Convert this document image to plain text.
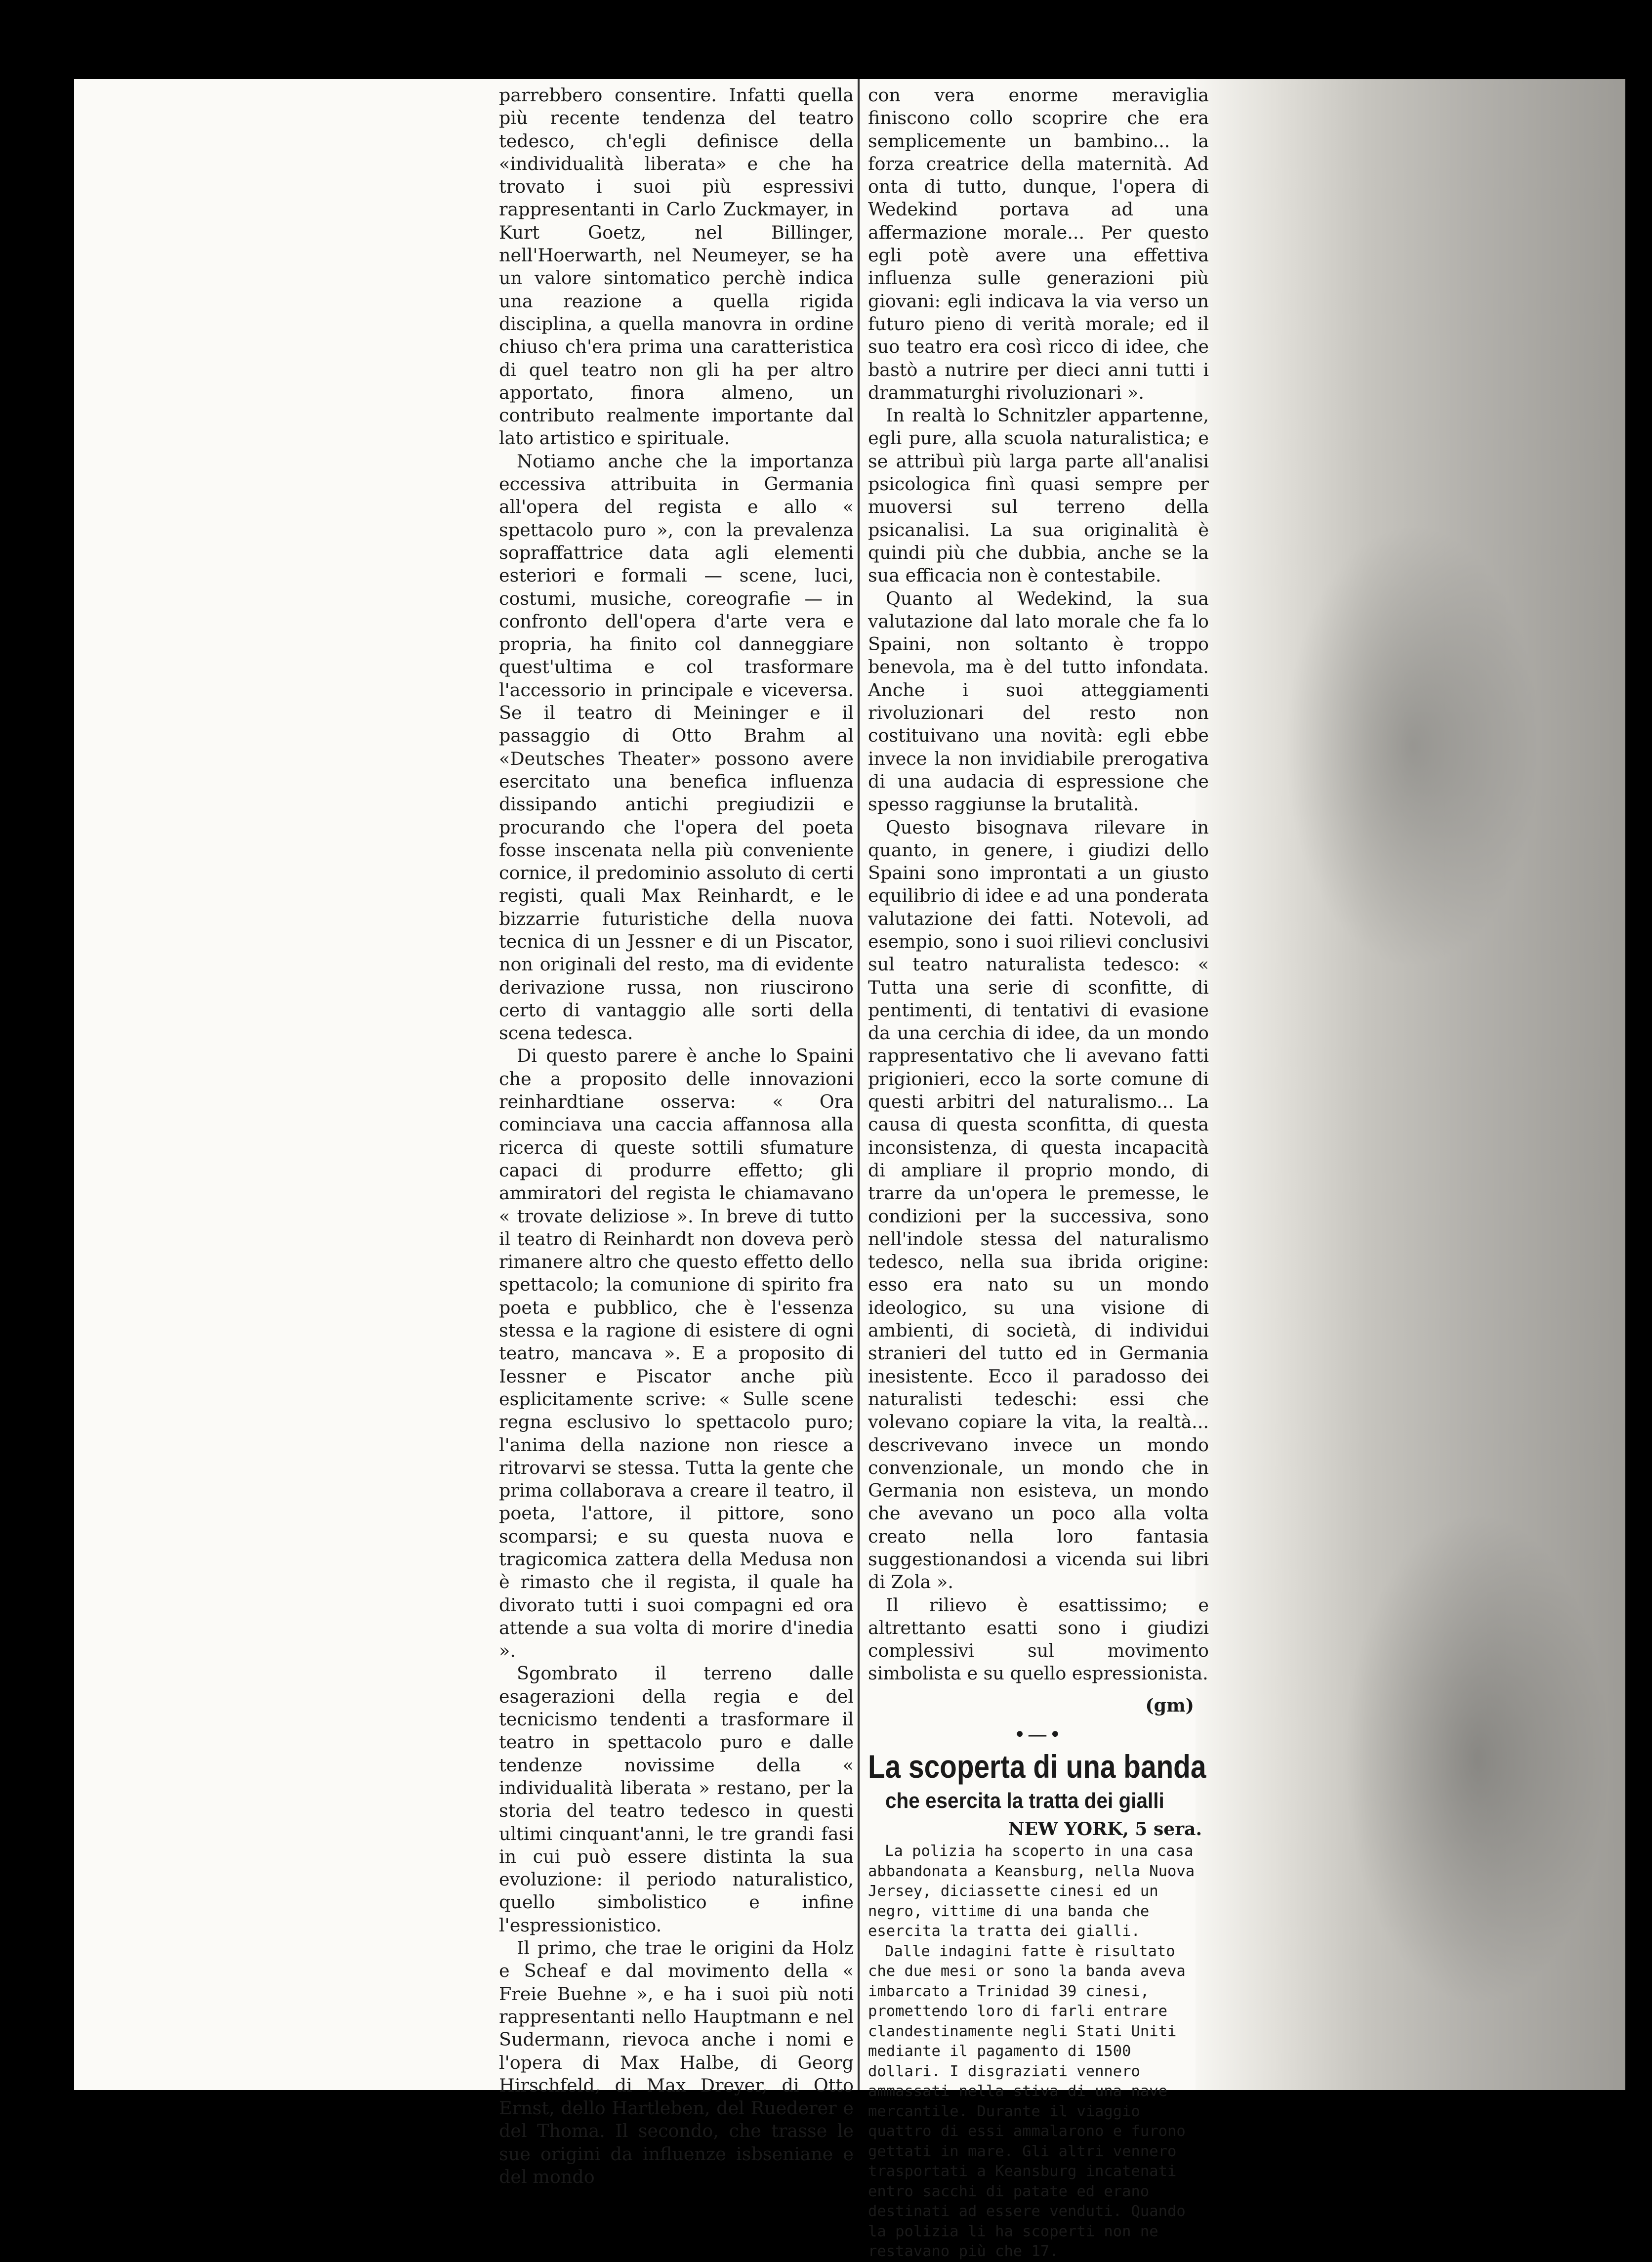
parrebbero consentire. Infatti quella più recente tendenza del teatro tedesco, ch'egli definisce della «individualità liberata» e che ha trovato i suoi più espressivi rappresentanti in Carlo Zuckmayer, in Kurt Goetz, nel Billinger, nell'Hoerwarth, nel Neumeyer, se ha un valore sintomatico perchè indica una reazione a quella rigida disciplina, a quella manovra in ordine chiuso ch'era prima una caratteristica di quel teatro non gli ha per altro apportato, finora almeno, un contributo realmente importante dal lato artistico e spirituale.

Notiamo anche che la importanza eccessiva attribuita in Germania all'opera del regista e allo « spettacolo puro », con la prevalenza sopraffattrice data agli elementi esteriori e formali — scene, luci, costumi, musiche, coreografie — in confronto dell'opera d'arte vera e propria, ha finito col danneggiare quest'ultima e col trasformare l'accessorio in principale e viceversa. Se il teatro di Meininger e il passaggio di Otto Brahm al «Deutsches Theater» possono avere esercitato una benefica influenza dissipando antichi pregiudizii e procurando che l'opera del poeta fosse inscenata nella più conveniente cornice, il predominio assoluto di certi registi, quali Max Reinhardt, e le bizzarrie futuristiche della nuova tecnica di un Jessner e di un Piscator, non originali del resto, ma di evidente derivazione russa, non riuscirono certo di vantaggio alle sorti della scena tedesca.

Di questo parere è anche lo Spaini che a proposito delle innovazioni reinhardtiane osserva: « Ora cominciava una caccia affannosa alla ricerca di queste sottili sfumature capaci di produrre effetto; gli ammiratori del regista le chiamavano « trovate deliziose ». In breve di tutto il teatro di Reinhardt non doveva però rimanere altro che questo effetto dello spettacolo; la comunione di spirito fra poeta e pubblico, che è l'essenza stessa e la ragione di esistere di ogni teatro, mancava ». E a proposito di Iessner e Piscator anche più esplicitamente scrive: « Sulle scene regna esclusivo lo spettacolo puro; l'anima della nazione non riesce a ritrovarvi se stessa. Tutta la gente che prima collaborava a creare il teatro, il poeta, l'attore, il pittore, sono scomparsi; e su questa nuova e tragicomica zattera della Medusa non è rimasto che il regista, il quale ha divorato tutti i suoi compagni ed ora attende a sua volta di morire d'inedia ».

Sgombrato il terreno dalle esagerazioni della regia e del tecnicismo tendenti a trasformare il teatro in spettacolo puro e dalle tendenze novissime della « individualità liberata » restano, per la storia del teatro tedesco in questi ultimi cinquant'anni, le tre grandi fasi in cui può essere distinta la sua evoluzione: il periodo naturalistico, quello simbolistico e infine l'espressionistico.

Il primo, che trae le origini da Holz e Scheaf e dal movimento della « Freie Buehne », e ha i suoi più noti rappresentanti nello Hauptmann e nel Sudermann, rievoca anche i nomi e l'opera di Max Halbe, di Georg Hirschfeld, di Max Dreyer, di Otto Ernst, dello Hartleben, del Ruederer e del Thoma. Il secondo, che trasse le sue origini da influenze isbseniane e del mondo

con vera enorme meraviglia finiscono collo scoprire che era semplicemente un bambino... la forza creatrice della maternità. Ad onta di tutto, dunque, l'opera di Wedekind portava ad una affermazione morale... Per questo egli potè avere una effettiva influenza sulle generazioni più giovani: egli indicava la via verso un futuro pieno di verità morale; ed il suo teatro era così ricco di idee, che bastò a nutrire per dieci anni tutti i drammaturghi rivoluzionari ».

In realtà lo Schnitzler appartenne, egli pure, alla scuola naturalistica; e se attribuì più larga parte all'analisi psicologica finì quasi sempre per muoversi sul terreno della psicanalisi. La sua originalità è quindi più che dubbia, anche se la sua efficacia non è contestabile.

Quanto al Wedekind, la sua valutazione dal lato morale che fa lo Spaini, non soltanto è troppo benevola, ma è del tutto infondata. Anche i suoi atteggiamenti rivoluzionari del resto non costituivano una novità: egli ebbe invece la non invidiabile prerogativa di una audacia di espressione che spesso raggiunse la brutalità.

Questo bisognava rilevare in quanto, in genere, i giudizi dello Spaini sono improntati a un giusto equilibrio di idee e ad una ponderata valutazione dei fatti. Notevoli, ad esempio, sono i suoi rilievi conclusivi sul teatro naturalista tedesco: « Tutta una serie di sconfitte, di pentimenti, di tentativi di evasione da una cerchia di idee, da un mondo rappresentativo che li avevano fatti prigionieri, ecco la sorte comune di questi arbitri del naturalismo... La causa di questa sconfitta, di questa inconsistenza, di questa incapacità di ampliare il proprio mondo, di trarre da un'opera le premesse, le condizioni per la successiva, sono nell'indole stessa del naturalismo tedesco, nella sua ibrida origine: esso era nato su un mondo ideologico, su una visione di ambienti, di società, di individui stranieri del tutto ed in Germania inesistente. Ecco il paradosso dei naturalisti tedeschi: essi che volevano copiare la vita, la realtà... descrivevano invece un mondo convenzionale, un mondo che in Germania non esisteva, un mondo che avevano un poco alla volta creato nella loro fantasia suggestionandosi a vicenda sui libri di Zola ».

Il rilievo è esattissimo; e altrettanto esatti sono i giudizi complessivi sul movimento simbolista e su quello espressionista.

(gm)
•—•
La scoperta di una banda
che esercita la tratta dei gialli
NEW YORK, 5 sera.

La polizia ha scoperto in una casa abbandonata a Keansburg, nella Nuova Jersey, diciassette cinesi ed un negro, vittime di una banda che esercita la tratta dei gialli.

Dalle indagini fatte è risultato che due mesi or sono la banda aveva imbarcato a Trinidad 39 cinesi, promettendo loro di farli entrare clandestinamente negli Stati Uniti mediante il pagamento di 1500 dollari. I disgraziati vennero ammassati nella stiva di una nave mercantile. Durante il viaggio quattro di essi ammalarono e furono gettati in mare. Gli altri vennero trasportati a Keansburg incatenati entro sacchi di patate ed erano destinati ad essere venduti. Quando la polizia li ha scoperti non ne restavano più che 17.
